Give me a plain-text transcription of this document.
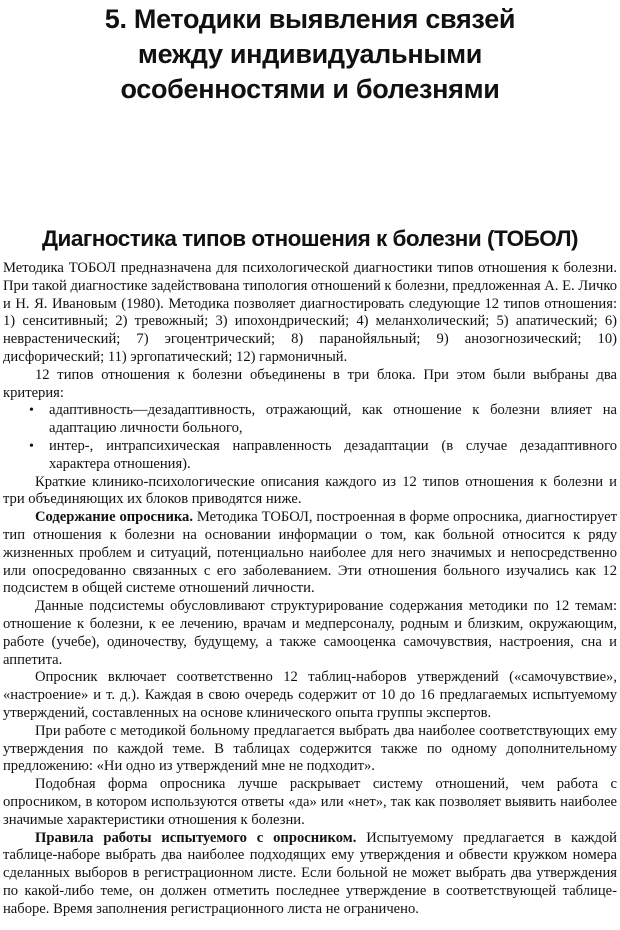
5. Методики выявления связей
между индивидуальными
особенностями и болезнями
Диагностика типов отношения к болезни (ТОБОЛ)

Методика ТОБОЛ предназначена для психологической диагностики типов отношения к болезни. При такой диагностике задействована типология отношений к болезни, предложенная А. Е. Личко и Н. Я. Ивановым (1980). Методика позволяет диагностировать следующие 12 типов отношения: 1) сенситивный; 2) тревожный; 3) ипохондрический; 4) меланхолический; 5) апатический; 6) неврастенический; 7) эгоцентрический; 8) паранойяльный; 9) анозогнозический; 10) дисфорический; 11) эргопатический; 12) гармоничный.

12 типов отношения к болезни объединены в три блока. При этом были выбраны два критерия:

• адаптивность—дезадаптивность, отражающий, как отношение к болезни влияет на адаптацию личности больного,
• интер-, интрапсихическая направленность дезадаптации (в случае дезадаптивного характера отношения).

Краткие клинико-психологические описания каждого из 12 типов отношения к болезни и три объединяющих их блоков приводятся ниже.

Содержание опросника. Методика ТОБОЛ, построенная в форме опросника, диагностирует тип отношения к болезни на основании информации о том, как больной относится к ряду жизненных проблем и ситуаций, потенциально наиболее для него значимых и непосредственно или опосредованно связанных с его заболеванием. Эти отношения больного изучались как 12 подсистем в общей системе отношений личности.

Данные подсистемы обусловливают структурирование содержания методики по 12 темам: отношение к болезни, к ее лечению, врачам и медперсоналу, родным и близким, окружающим, работе (учебе), одиночеству, будущему, а также самооценка самочувствия, настроения, сна и аппетита.

Опросник включает соответственно 12 таблиц-наборов утверждений («самочувствие», «настроение» и т. д.). Каждая в свою очередь содержит от 10 до 16 предлагаемых испытуемому утверждений, составленных на основе клинического опыта группы экспертов.

При работе с методикой больному предлагается выбрать два наиболее соответствующих ему утверждения по каждой теме. В таблицах содержится также по одному дополнительному предложению: «Ни одно из утверждений мне не подходит».

Подобная форма опросника лучше раскрывает систему отношений, чем работа с опросником, в котором используются ответы «да» или «нет», так как позволяет выявить наиболее значимые характеристики отношения к болезни.

Правила работы испытуемого с опросником. Испытуемому предлагается в каждой таблице-наборе выбрать два наиболее подходящих ему утверждения и обвести кружком номера сделанных выборов в регистрационном листе. Если больной не может выбрать два утверждения по какой-либо теме, он должен отметить последнее утверждение в соответствующей таблице-наборе. Время заполнения регистрационного листа не ограничено.
